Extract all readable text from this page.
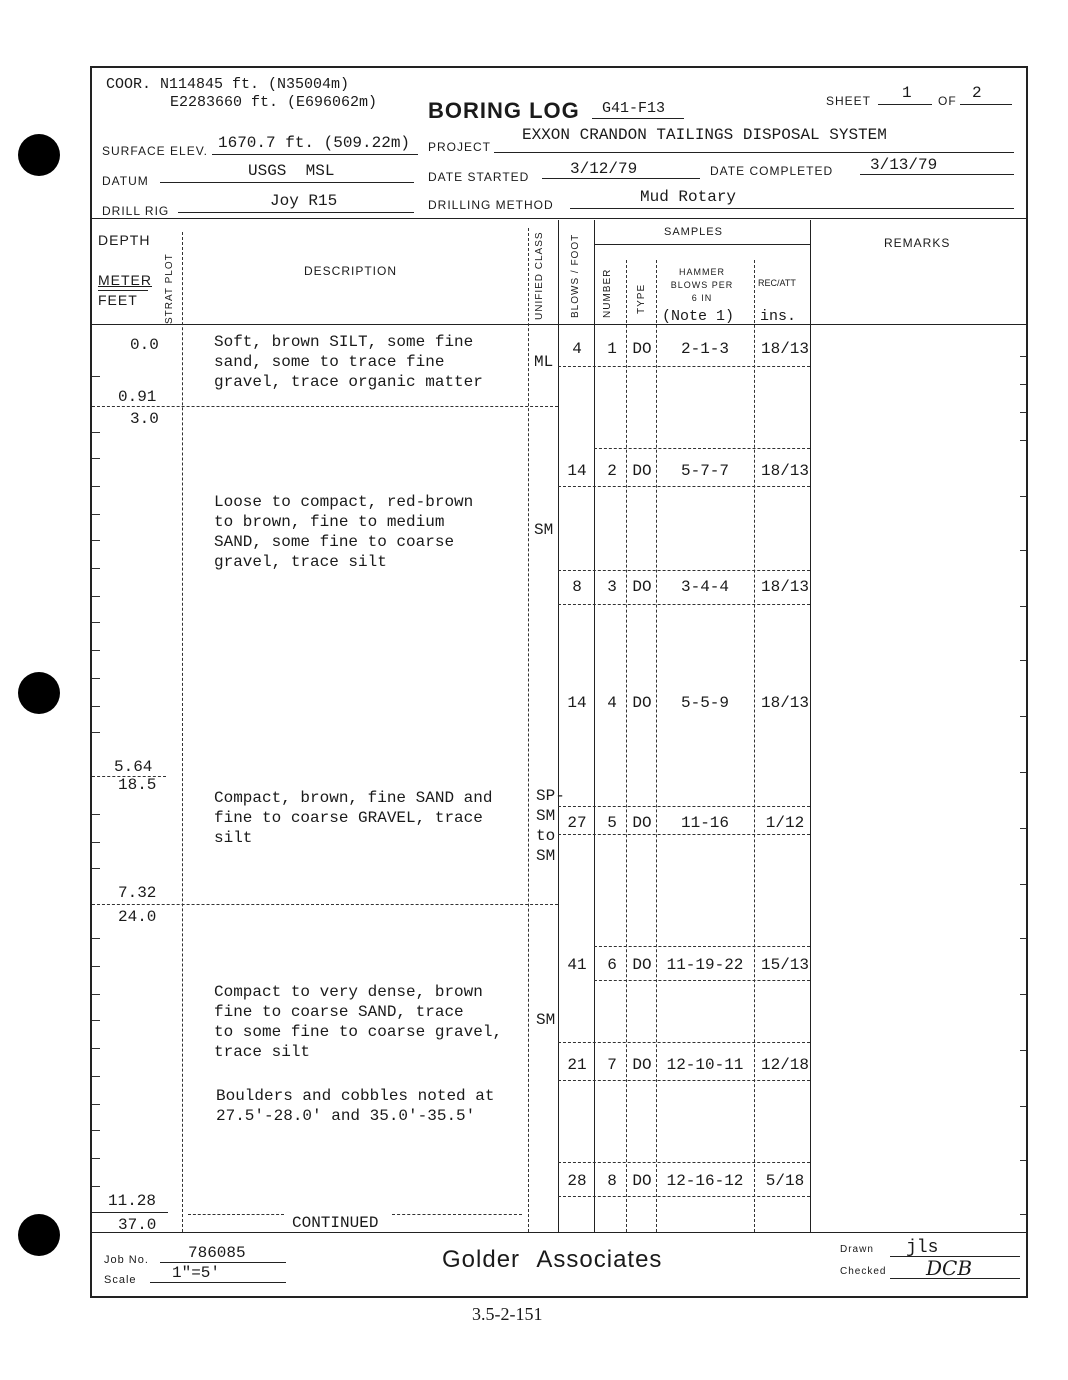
COOR. N114845 ft. (N35004m)
E2283660 ft. (E696062m) BORING LOG G41-F13	SHEET 1 OF 2
SURFACE ELEV. 1670.7 ft. (509.22m) PROJECT
EXXON CRANDON TAILINGS DISPOSAL SYSTEM
DATUM
USGS  MSL	DATE STARTED	3/12/79	DATE COMPLETED 3/13/79
DRILL RIG
Joy R15	DRILLING METHOD	Mud Rotary
DEPTH
METER
FEET	STRAT PLOT	DESCRIPTION	UNIFIED CLASS	BLOWS / FOOT
SAMPLES
NUMBER TYPE
HAMMER BLOWS PER 6 IN
(Note 1)
REC/ATT
ins.
REMARKS
0.0
0.91
3.0
5.64
18.5
7.32
24.0
11.28
37.0
Soft, brown SILT, some fine
sand, some to trace fine
gravel, trace organic matter
ML
Loose to compact, red-brown
to brown, fine to medium
SAND, some fine to coarse
gravel, trace silt
SM
Compact, brown, fine SAND and
fine to coarse GRAVEL, trace
silt
SP-
SM
to
SM
Compact to very dense, brown
fine to coarse SAND, trace
to some fine to coarse gravel,
trace silt
SM
Boulders and cobbles noted at
27.5'-28.0' and 35.0'-35.5'
CONTINUED
4	1 DO	2-1-3	18/13
14	2 DO	5-7-7	18/13
8	3 DO	3-4-4	18/13
14	4 DO	5-5-9	18/13
27	5 DO	11-16	1/12
41	6 DO 11-19-22	15/13
21	7 DO 12-10-11	12/18
28	8 DO 12-16-12	5/18
Job No. 786085
Scale 1"=5'	Golder Associates	Drawn jls
Checked DCB
3.5-2-151
